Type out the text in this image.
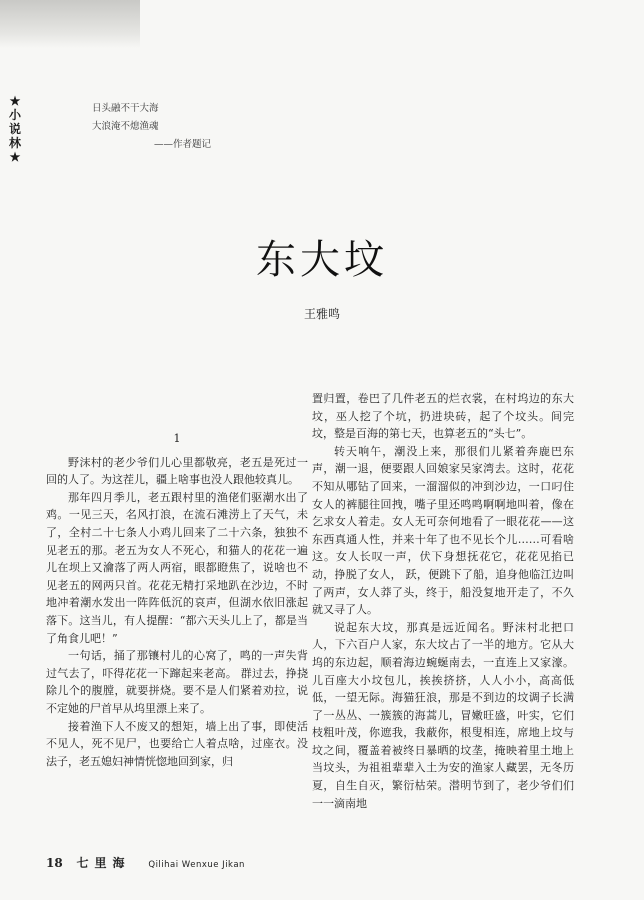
★
小
说
林
★
日头融不干大海
大浪淹不熄渔魂
——作者题记
东大坟
王雅鸣

1

野沫村的老少爷们儿心里都敬亮，老五是死过一回的人了。为这茬儿，疆上啥事也没人跟他较真儿。

那年四月季儿，老五跟村里的渔佬们驱潮水出了鸡。一见三天，名风打浪，在流石滩涝上了天气，未了，全村二十七条人小鸡儿回来了二十六条，独独不见老五的那。老五为女人不死心，和猫人的花花一遍儿在坝上又瀹落了两人两宿，眼都瞪焦了，说啥也不见老五的网两只首。花花无精打采地趴在沙边，不时地冲着潮水发出一阵阵低沉的哀声，但湖水依旧涨起落下。这当儿，有人提醒：“都六天头儿上了，都是当了角食儿吧！”

一句话，捅了那镶村儿的心窝了，鸣的一声失背过气去了，吓得花花一下蹿起来老高。 群过去，挣挠除儿个的腹膛，就要拼烧。要不是人们紧着劝拉，说不定她的尸首早从坞里漂上来了。

接着渔下人不废又的想矩，墙上出了事，即使活不见人，死不见尸，也要给亡人着点啥，过座衣。没法子，老五媳妇神情恍惚地回到家，归

置归置，卷巴了几件老五的烂衣裳，在村坞边的东大坟，巫人挖了个坑，扔进块砖，起了个坟头。间完坟，整是百海的第七天，也算老五的“头七”。

转天响午，潮没上来，那很们儿紧着奔鹿巴东声，潮一退，便要跟人回娘家吴家湾去。这时，花花不知从哪钻了回来，一溜溜似的冲到沙边，一口叼住女人的裤腿往回拽，嘴子里还鸣鸣啊啊地叫着，像在乞求女人着走。女人无可奈何地看了一眼花花——这东西真通人性，并来十年了也不见长个儿……可看啥这。女人长叹一声，伏下身想抚花它，花花见掐已动，挣脱了女人， 跃，便跳下了船，追身他临江边叫了两声，女人莽了头，终于，船没复地开走了，不久就又寻了人。

说起东大坟，那真是远近闻名。野沫村北把口人，下六百户人家，东大坟占了一半的地方。它从大坞的东边起，顺着海边蜿蜒南去，一直连上又家濠。儿百座大小坟包儿，挨挨挤挤，人人小小，高高低低，一望无际。海猫狂浪，那是不到边的坟调子长满了一丛丛、一簇簇的海蒿儿，冒嫩旺盛，叶实，它们枝粗叶茂，你遮我，我蔽你，根叟相连，席地上坟与坟之间，覆盖着被终日暴晒的坟垄，掩映着里土地上当坟头，为祖祖辈辈入土为安的渔家人藏罢，无冬历夏，自生自灭，繁衍枯荣。潜明节到了，老少爷们们一一滴南地

18 七里海 Qilihai Wenxue Jikan
